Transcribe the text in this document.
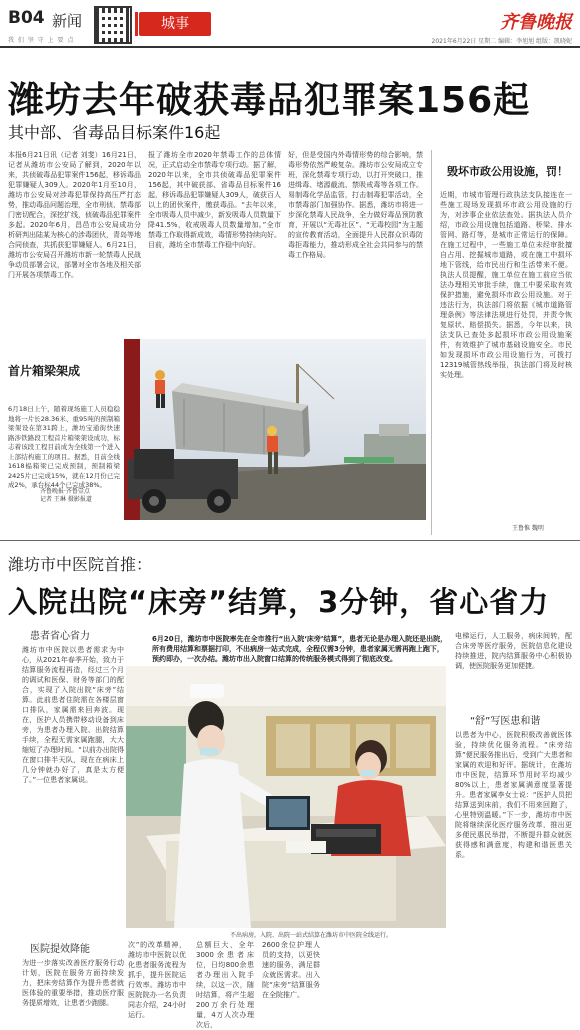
B04 新闻
我 们 坚 守 上 要 点
城事	齐鲁晚报
2021年6月22日 星期二 编辑：李旭旭 组版：凯晓妮
潍坊去年破获毒品犯罪案156起
其中部、省毒品目标案件16起
本报6月21日讯（记者 刘斐）16月21日，记者从潍坊市公安局了解到，2020年以来，共侦破毒品犯罪案件156起，移诉毒品犯罪嫌疑人309人。2020年1月至10月，潍坊市公安局对涉毒犯罪保持高压严打态势，推动毒品问题治理，全市刑侦、禁毒部门密切配合，深挖扩线，侦破毒品犯罪案件多起。2020年6月，昌邑市公安局成功分析研判出陆某为核心的涉毒团伙，青岛等地合同侦查，共抓获犯罪嫌疑人。6月21日，潍坊市公安局召开潍坊市新一轮禁毒人民战争动员部署会议，部署对全市各地及相关部门开展各项禁毒工作。
报了潍坊全市2020年禁毒工作的总体情况，正式启动全市禁毒专项行动。据了解，2020年以来，全市共侦破毒品犯罪案件156起，其中破获部、省毒品目标案件16起，移诉毒品犯罪嫌疑人309人，破获百人以上的团伙案件，缴获毒品。“去年以来，全市吸毒人员中减少，新发吸毒人员数量下降41.5%，收戒吸毒人员数量增加。”全市禁毒工作取得新成效，毒情形势持续向好。目前，潍坊全市禁毒工作稳中向好。
好，但是受国内外毒情形势的综合影响，禁毒形势依然严峻复杂。潍坊市公安局成立专班，深化禁毒专项行动，以打开突破口，推进缉毒、堵源截流、禁吸戒毒等各项工作。易制毒化学品监管，打击制毒犯罪活动，全市禁毒部门加强协作。据悉，潍坊市将进一步深化禁毒人民战争，全力做好毒品预防教育，开展以“无毒社区”、“无毒校园”为主题的宣传教育活动，全面提升人民群众识毒防毒拒毒能力，推动形成全社会共同参与的禁毒工作格局。
毁坏市政公用设施，罚！
近期，市城市管理行政执法支队接连在一些施工现场发现损坏市政公用设施的行为，对涉事企业依法查处。据执法人员介绍，市政公用设施包括道路、桥梁、排水管网、路灯等，是城市正常运行的保障。在施工过程中，一些施工单位未经审批擅自占用、挖掘城市道路，或在施工中损坏地下管线，给市民出行和生活带来不便。执法人员提醒，施工单位在施工前应当依法办理相关审批手续，施工中要采取有效保护措施，避免损坏市政公用设施。对于违法行为，执法部门将依据《城市道路管理条例》等法律法规进行处罚，并责令恢复原状、赔偿损失。据悉，今年以来，执法支队已查处多起损坏市政公用设施案件，有效维护了城市基础设施安全。市民如发现损坏市政公用设施行为，可拨打12319城管热线举报，执法部门将及时核实处理。
王鲁惟 魏明
首片箱梁架成
6月18日上午，随着现场施工人员稳稳地将一片长28.36米、重95吨的预制箱梁架设在第31跨上，潍坊宝通街快速路涉铁路段工程首片箱梁架设成功，标志着该段工程目前成为全线第一个进入上部结构施工的项目。据悉，目前全线1618榀箱梁已完成预制，预制箱梁2425片已完成15%，就在12月份已完成2%，承台标44个已完成38%。
齐鲁晚报·齐鲁壹点
记者 王琳 摄影报道
潍坊市中医院首推：
入院出院“床旁”结算，3分钟，省心省力
6月20日，潍坊市中医院率先在全市推行“出入院‘床旁’结算”，患者无论是办理入院还是出院，所有费用结算和票据打印，不出病房一站式完成，全程仅需3分钟，患者家属无需再跑上跑下，预约即办，一次办结。潍坊市出入院窗口结算的传统服务模式得到了彻底改变。
患者省心省力
潍坊市中医院以患者需求为中心，从2021年春季开始，致力于结算服务流程再造，经过三个月的调试和医保、财务等部门的配合，实现了入院出院“床旁”结算。此前患者住院需在各楼层窗口排队，家属需来回奔波。现在，医护人员携带移动设备到床旁，为患者办理入院、出院结算手续，全程无需家属跑腿，大大缩短了办理时间。“以前办出院得在窗口排半天队，现在在病床上几分钟就办好了，真是太方便了。”一位患者家属说。
医院提效降能
为进一步落实改善医疗服务行动计划，医院在服务方面持续发力，把床旁结算作为提升患者就医体验的重要举措，推动医疗服务提质增效，让患者少跑腿。
不出病房，入院、出院一站式结算在潍坊市中医院全线运行。
次”的改革精神，潍坊市中医院以优化患者服务流程为抓手，提升医院运行效率。潍坊市中医院院办一名负责同志介绍，24小时运行。
总额巨大，全年3000余患者床位，日均800余患者办理出入院手续，以这一次，随时结算，将产生超200万余行处理量，4万人次办理次后，
2600余位护理人员的支持，以更快速的服务，满足群众就医需求。出入院“床旁”结算服务在全院推广。
电梯运行，人工服务，病床间转，配合床旁等医疗服务，医院信息化建设持续推进，院内结算服务中心积极协调，使医院服务更加便捷。
“舒”写医患和谐
以患者为中心，医院积极改善就医体验，持续优化服务流程。“床旁结算”便民服务推出后，受到广大患者和家属的欢迎和好评。据统计，在潍坊市中医院，结算环节用时平均减少80%以上，患者家属满意度显著提升。患者家属李女士说：“医护人员把结算送到床前，我们不用来回跑了，心里特别温暖。”下一步，潍坊市中医院将继续深化医疗服务改革，推出更多便民惠民举措，不断提升群众就医获得感和满意度，构建和谐医患关系。
